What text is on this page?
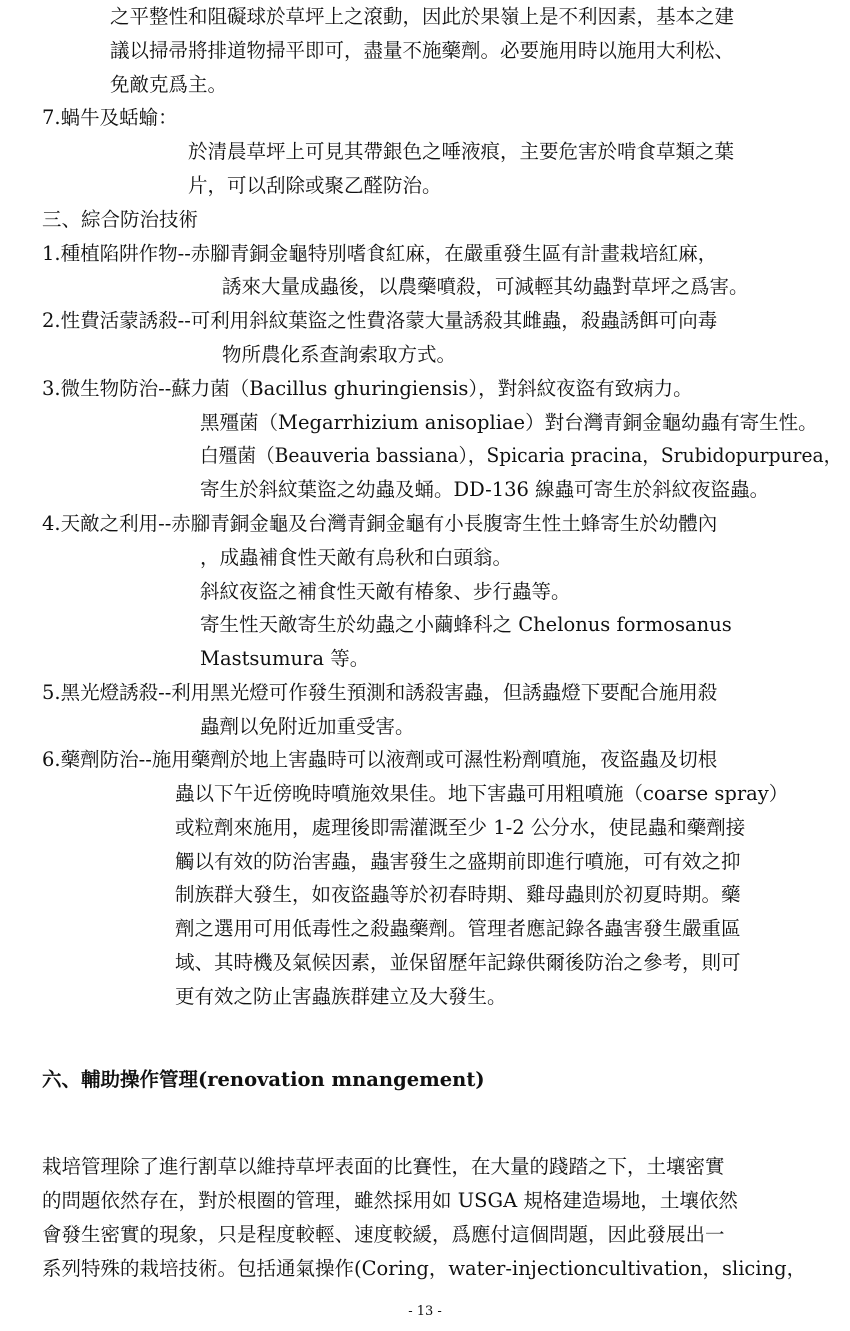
之平整性和阻礙球於草坪上之滾動，因此於果嶺上是不利因素，基本之建
議以掃帚將排道物掃平即可，盡量不施藥劑。必要施用時以施用大利松、
免敵克爲主。
7.蝸牛及蛞蝓：
於清晨草坪上可見其帶銀色之唾液痕，主要危害於啃食草類之葉
片，可以刮除或聚乙醛防治。
三、綜合防治技術
1.種植陷阱作物--赤腳青銅金龜特別嗜食紅麻，在嚴重發生區有計畫栽培紅麻，
誘來大量成蟲後，以農藥噴殺，可減輕其幼蟲對草坪之爲害。
2.性費活蒙誘殺--可利用斜紋葉盜之性費洛蒙大量誘殺其雌蟲，殺蟲誘餌可向毒
物所農化系查詢索取方式。
3.微生物防治--蘇力菌（Bacillus ghuringiensis），對斜紋夜盜有致病力。
黑殭菌（Megarrhizium anisopliae）對台灣青銅金龜幼蟲有寄生性。
白殭菌（Beauveria bassiana），Spicaria pracina，Srubidopurpurea，
寄生於斜紋葉盜之幼蟲及蛹。DD-136 線蟲可寄生於斜紋夜盜蟲。
4.天敵之利用--赤腳青銅金龜及台灣青銅金龜有小長腹寄生性土蜂寄生於幼體內
，成蟲補食性天敵有烏秋和白頭翁。
斜紋夜盜之補食性天敵有椿象、步行蟲等。
寄生性天敵寄生於幼蟲之小繭蜂科之 Chelonus formosanus
Mastsumura 等。
5.黑光燈誘殺--利用黑光燈可作發生預測和誘殺害蟲，但誘蟲燈下要配合施用殺
蟲劑以免附近加重受害。
6.藥劑防治--施用藥劑於地上害蟲時可以液劑或可濕性粉劑噴施，夜盜蟲及切根
蟲以下午近傍晚時噴施效果佳。地下害蟲可用粗噴施（coarse spray）
或粒劑來施用，處理後即需灌溉至少 1-2 公分水，使昆蟲和藥劑接
觸以有效的防治害蟲，蟲害發生之盛期前即進行噴施，可有效之抑
制族群大發生，如夜盜蟲等於初春時期、雞母蟲則於初夏時期。藥
劑之選用可用低毒性之殺蟲藥劑。管理者應記錄各蟲害發生嚴重區
域、其時機及氣候因素，並保留歷年記錄供爾後防治之參考，則可
更有效之防止害蟲族群建立及大發生。
六、輔助操作管理(renovation mnangement)
栽培管理除了進行割草以維持草坪表面的比賽性，在大量的踐踏之下，土壤密實
的問題依然存在，對於根圈的管理，雖然採用如 USGA 規格建造場地，土壤依然
會發生密實的現象，只是程度較輕、速度較緩，爲應付這個問題，因此發展出一
系列特殊的栽培技術。包括通氣操作(Coring，water-injectioncultivation，slicing，
- 13 -
